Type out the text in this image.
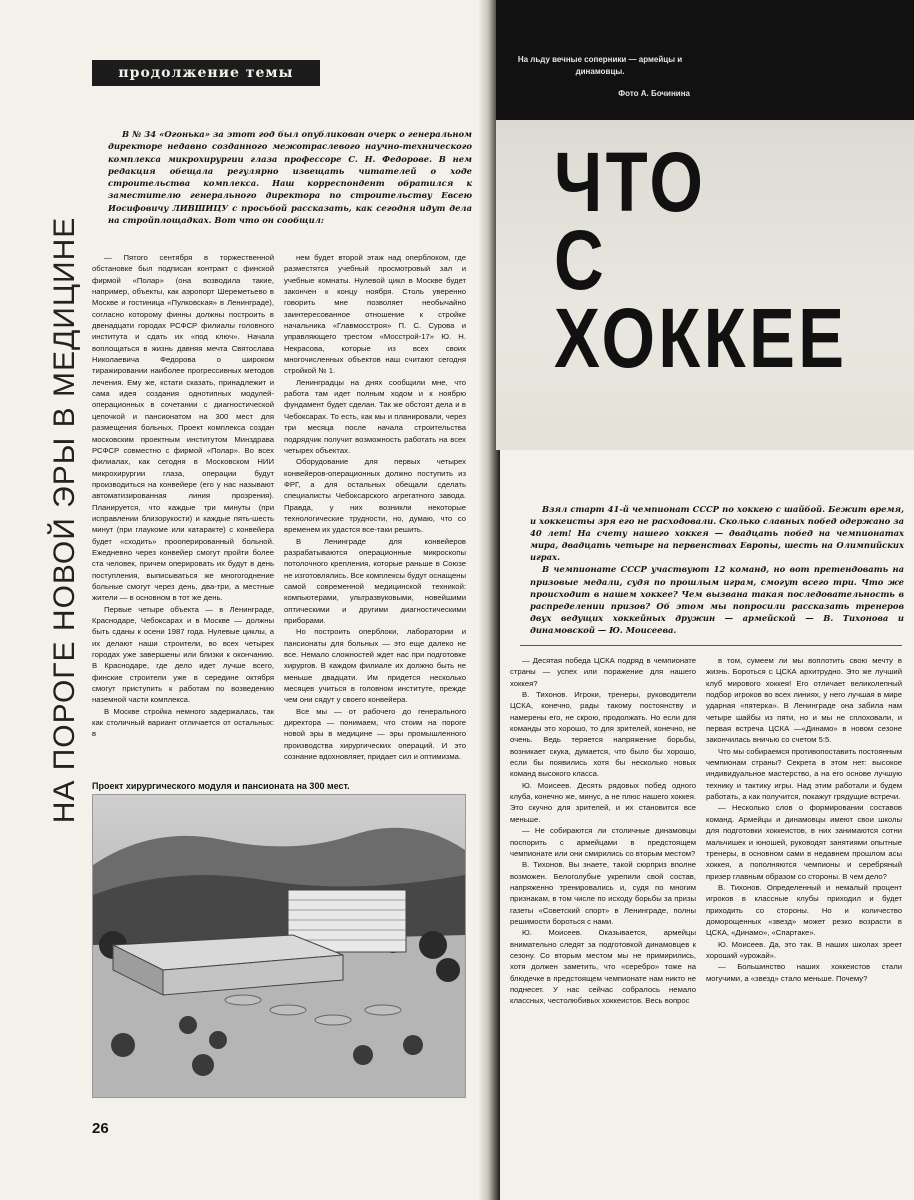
продолжение темы
НА ПОРОГЕ НОВОЙ ЭРЫ В МЕДИЦИНЕ
В № 34 «Огонька» за этот год был опубликован очерк о генеральном директоре недавно созданного межотраслевого научно-технического комплекса микрохирургии глаза профессоре С. Н. Федорове. В нем редакция обещала регулярно извещать читателей о ходе строительства комплекса. Наш корреспондент обратился к заместителю генерального директора по строительству Евсею Иосифовичу ЛИВШИЦУ с просьбой рассказать, как сегодня идут дела на стройплощадках. Вот что он сообщил:

— Пятого сентября в торжественной обстановке был подписан контракт с финской фирмой «Полар» (она возводила такие, например, объекты, как аэропорт Шереметьево в Москве и гостиница «Пулковская» в Ленинграде), согласно которому финны должны построить в двенадцати городах РСФСР филиалы головного института и сдать их «под ключ». Начала воплощаться в жизнь давняя мечта Святослава Николаевича Федорова о широком тиражировании наиболее прогрессивных методов лечения. Ему же, кстати сказать, принадлежит и сама идея создания однотипных модулей-операционных в сочетании с диагностической цепочкой и пансионатом на 300 мест для размещения больных. Проект комплекса создан московским проектным институтом Минздрава РСФСР совместно с фирмой «Полар». Во всех филиалах, как сегодня в Московском НИИ микрохирургии глаза, операции будут производиться на конвейере (его у нас называют автоматизированная линия прозрения). Планируется, что каждые три минуты (при исправлении близорукости) и каждые пять-шесть минут (при глаукоме или катаракте) с конвейера будет «сходить» прооперированный больной. Ежедневно через конвейер смогут пройти более ста человек, причем оперировать их будут в день поступления, выписываться же многогоднение больные смогут через день, два-три, а местные жители — в основном в тот же день.

Первые четыре объекта — в Ленинграде, Краснодаре, Чебоксарах и в Москве — должны быть сданы к осени 1987 года. Нулевые циклы, а их делают наши строители, во всех четырех городах уже завершены или близки к окончанию. В Краснодаре, где дело идет лучше всего, финские строители уже в середине октября смогут приступить к работам по возведению наземной части комплекса.

В Москве стройка немного задержалась, так как столичный вариант отличается от остальных: в

нем будет второй этаж над оперблоком, где разместятся учебный просмотровый зал и учебные комнаты. Нулевой цикл в Москве будет закончен к концу ноября. Столь уверенно говорить мне позволяет необычайно заинтересованное отношение к стройке начальника «Главмосстроя» П. С. Сурова и управляющего трестом «Мосстрой-17» Ю. Н. Некрасова, которые из всех своих многочисленных объектов наш считают сегодня стройкой № 1.

Ленинградцы на днях сообщили мне, что работа там идет полным ходом и к ноябрю фундамент будет сделан. Так же обстоят дела и в Чебоксарах. То есть, как мы и планировали, через три месяца после начала строительства подрядчик получит возможность работать на всех четырех объектах.

Оборудование для первых четырех конвейеров-операционных должно поступить из ФРГ, а для остальных обещали сделать специалисты Чебоксарского агрегатного завода. Правда, у них возникли некоторые технологические трудности, но, думаю, что со временем их удастся все-таки решить.

В Ленинграде для конвейеров разрабатываются операционные микроскопы потолочного крепления, которые раньше в Союзе не изготовлялись. Все комплексы будут оснащены самой современной медицинской техникой: компьютерами, ультразвуковыми, новейшими оптическими и другими диагностическими приборами.

Но построить оперблоки, лаборатории и пансионаты для больных — это еще далеко не все. Немало сложностей ждет нас при подготовке хирургов. В каждом филиале их должно быть не меньше двадцати. Им придется несколько месяцев учиться в головном институте, прежде чем они сядут у своего конвейера.

Все мы — от рабочего до генерального директора — понимаем, что стоим на пороге новой эры в медицине — эры промышленного производства хирургических операций. И это сознание вдохновляет, придает сил и оптимизма.

Проект хирургического модуля и пансионата на 300 мест.
26
На льду вечные соперники — армейцы и динамовцы.
Фото А. Бочинина
ЧТО
С
ХОККЕЕ

Взял старт 41-й чемпионат СССР по хоккею с шайбой. Бежит время, и хоккеисты зря его не расходовали. Сколько славных побед одержано за 40 лет! На счету нашего хоккея — двадцать побед на чемпионатах мира, двадцать четыре на первенствах Европы, шесть на Олимпийских играх.

В чемпионате СССР участвуют 12 команд, но вот претендовать на призовые медали, судя по прошлым играм, смогут всего три. Что же происходит в нашем хоккее? Чем вызвана такая последовательность в распределении призов? Об этом мы попросили рассказать тренеров двух ведущих хоккейных дружин — армейской — В. Тихонова и динамовской — Ю. Моисеева.

— Десятая победа ЦСКА подряд в чемпионате страны — успех или поражение для нашего хоккея?

В. Тихонов. Игроки, тренеры, руководители ЦСКА, конечно, рады такому постоянству и намерены его, не скрою, продолжать. Но если для команды это хорошо, то для зрителей, конечно, не очень. Ведь теряется напряжение борьбы, возникает скука, думается, что было бы хорошо, если бы появились хотя бы несколько новых команд высокого класса.

Ю. Моисеев. Десять рядовых побед одного клуба, конечно же, минус, а не плюс нашего хоккея. Это скучно для зрителей, и их становится все меньше.

— Не собираются ли столичные динамовцы поспорить с армейцами в предстоящем чемпионате или они смирились со вторым местом?

В. Тихонов. Вы знаете, такой сюрприз вполне возможен. Белоголубые укрепили свой состав, напряженно тренировались и, судя по многим признакам, в том числе по исходу борьбы за призы газеты «Советский спорт» в Ленинграде, полны решимости бороться с нами.

Ю. Моисеев. Оказывается, армейцы внимательно следят за подготовкой динамовцев к сезону. Со вторым местом мы не примирились, хотя должен заметить, что «серебро» тоже на блюдечке в предстоящем чемпионате нам никто не поднесет. У нас сейчас собралось немало классных, честолюбивых хоккеистов. Весь вопрос

в том, сумеем ли мы воплотить свою мечту в жизнь. Бороться с ЦСКА архитрудно. Это же лучший клуб мирового хоккея! Его отличает великолепный подбор игроков во всех линиях, у него лучшая в мире ударная «пятерка». В Ленинграде она забила нам четыре шайбы из пяти, но и мы не сплоховали, и первая встреча ЦСКА —«Динамо» в новом сезоне закончилась вничью со счетом 5:5.

Что мы собираемся противопоставить постоянным чемпионам страны? Секрета в этом нет: высокое индивидуальное мастерство, а на его основе лучшую технику и тактику игры. Над этим работали и будем работать, а как получится, покажут грядущие встречи.

— Несколько слов о формировании составов команд. Армейцы и динамовцы имеют свои школы для подготовки хоккеистов, в них занимаются сотни мальчишек и юношей, руководят занятиями опытные тренеры, в основном сами в недавнем прошлом асы хоккея, а пополняются чемпионы и серебряный призер главным образом со стороны. В чем дело?

В. Тихонов. Определенный и немалый процент игроков в классные клубы приходил и будет приходить со стороны. Но и количество доморощенных «звезд» может резко возрасти в ЦСКА, «Динамо», «Спартаке».

Ю. Моисеев. Да, это так. В наших школах зреет хороший «урожай».

— Большинство наших хоккеистов стали могучими, а «звезд» стало меньше. Почему?
